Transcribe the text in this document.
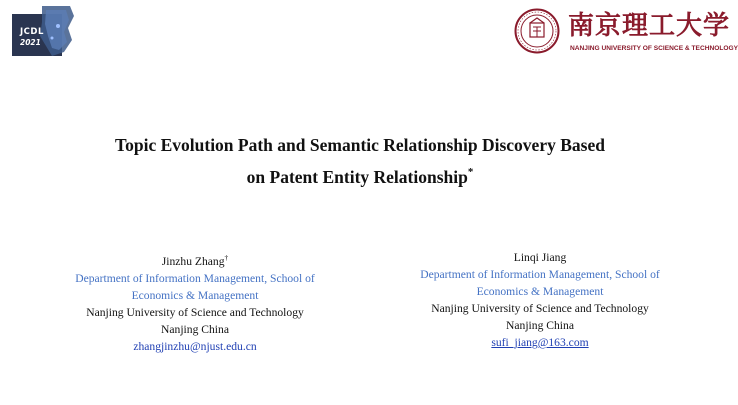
JCDL
2021
南京理工大学
NANJING UNIVERSITY OF SCIENCE & TECHNOLOGY
Topic Evolution Path and Semantic Relationship Discovery Based
on Patent Entity Relationship*
Jinzhu Zhang†
Department of Information Management, School of
Economics & Management
Nanjing University of Science and Technology
Nanjing China
zhangjinzhu@njust.edu.cn
Linqi Jiang
Department of Information Management, School of
Economics & Management
Nanjing University of Science and Technology
Nanjing China
sufi_jiang@163.com
